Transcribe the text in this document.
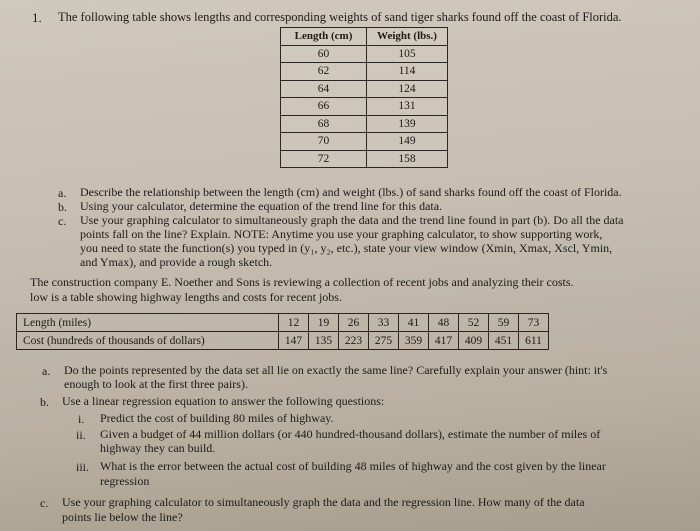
1. The following table shows lengths and corresponding weights of sand tiger sharks found off the coast of Florida.
Length (cm)	Weight (lbs.)
60	105
62	114
64	124
66	131
68	139
70	149
72	158
a. Describe the relationship between the length (cm) and weight (lbs.) of sand sharks found off the coast of Florida.
b. Using your calculator, determine the equation of the trend line for this data.
c. Use your graphing calculator to simultaneously graph the data and the trend line found in part (b). Do all the data
points fall on the line? Explain. NOTE: Anytime you use your graphing calculator, to show supporting work,
you need to state the function(s) you typed in (y₁, y₂, etc.), state your view window (Xmin, Xmax, Xscl, Ymin,
and Ymax), and provide a rough sketch.
The construction company E. Noether and Sons is reviewing a collection of recent jobs and analyzing their costs.
low is a table showing highway lengths and costs for recent jobs.
Length (miles)	12	19	26	33	41	48	52	59	73
Cost (hundreds of thousands of dollars)	147	135	223	275	359	417	409	451	611
a. Do the points represented by the data set all lie on exactly the same line? Carefully explain your answer (hint: it's
enough to look at the first three pairs).
b. Use a linear regression equation to answer the following questions:
i. Predict the cost of building 80 miles of highway.
ii. Given a budget of 44 million dollars (or 440 hundred-thousand dollars), estimate the number of miles of
highway they can build.
iii. What is the error between the actual cost of building 48 miles of highway and the cost given by the linear
regression
c. Use your graphing calculator to simultaneously graph the data and the regression line. How many of the data
points lie below the line?
